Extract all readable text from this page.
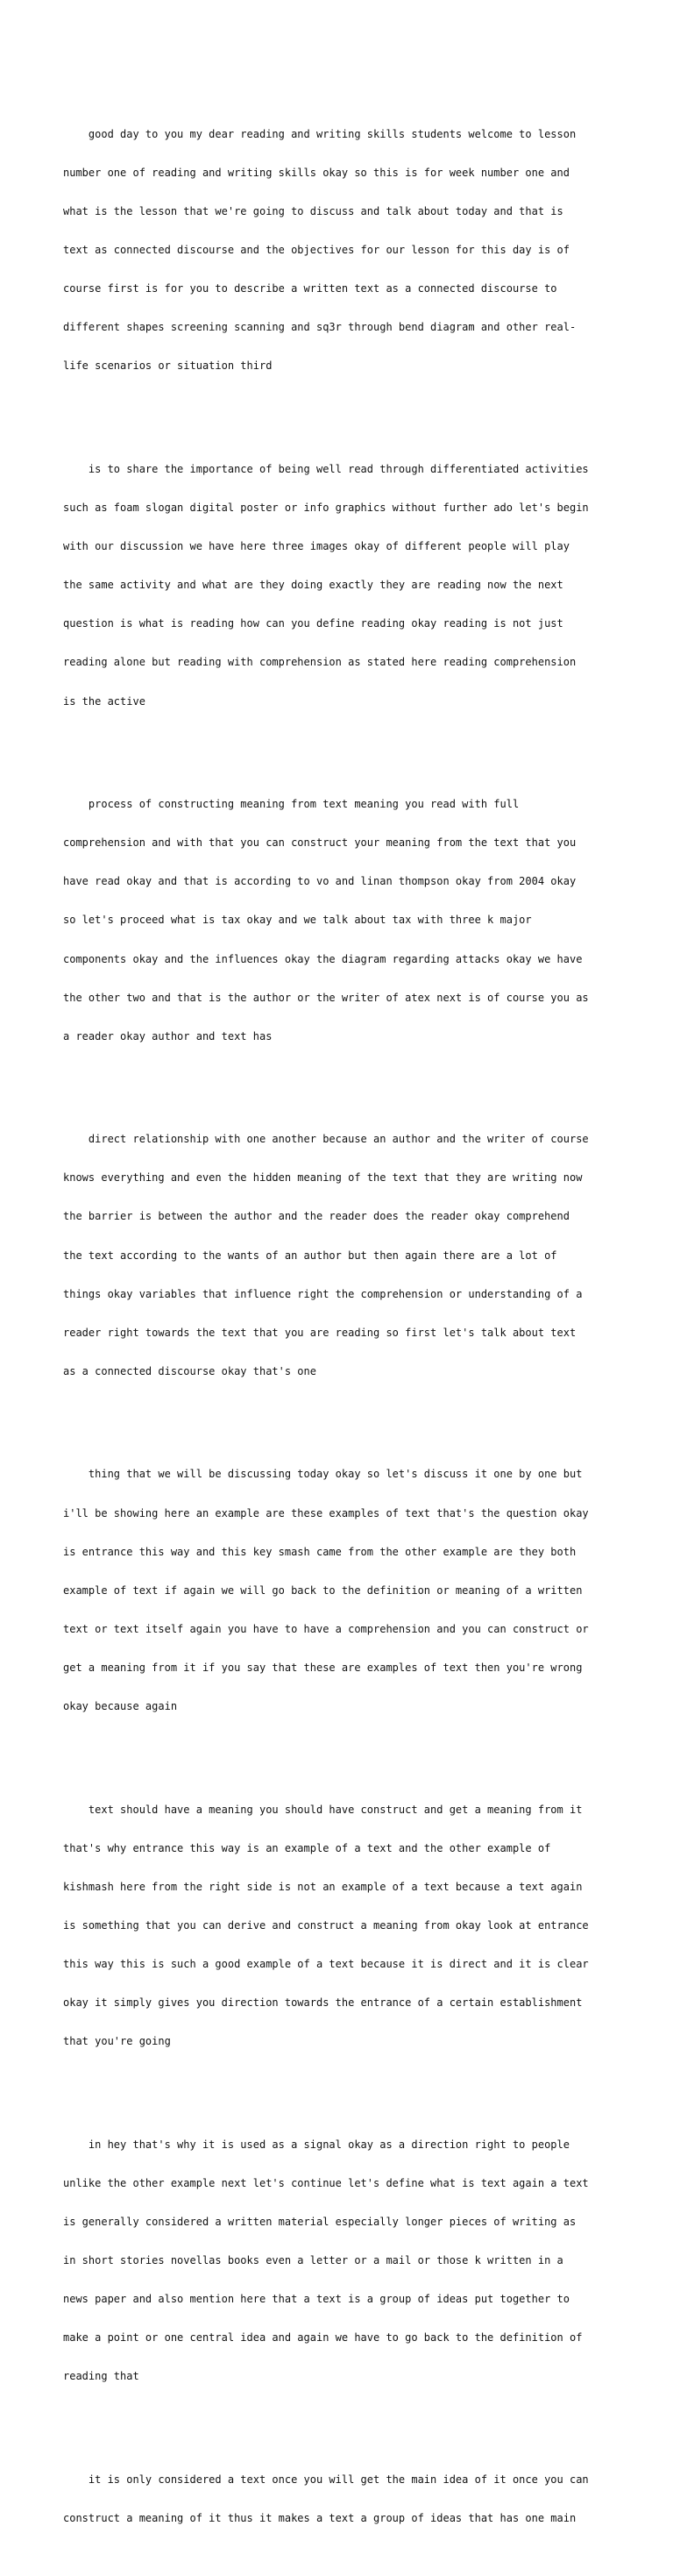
good day to you my dear reading and writing skills students welcome to lesson

number one of reading and writing skills okay so this is for week number one and

what is the lesson that we're going to discuss and talk about today and that is

text as connected discourse and the objectives for our lesson for this day is of

course first is for you to describe a written text as a connected discourse to

different shapes screening scanning and sq3r through bend diagram and other real-

life scenarios or situation third

is to share the importance of being well read through differentiated activities

such as foam slogan digital poster or info graphics without further ado let's begin

with our discussion we have here three images okay of different people will play

the same activity and what are they doing exactly they are reading now the next

question is what is reading how can you define reading okay reading is not just

reading alone but reading with comprehension as stated here reading comprehension

is the active

process of constructing meaning from text meaning you read with full

comprehension and with that you can construct your meaning from the text that you

have read okay and that is according to vo and linan thompson okay from 2004 okay

so let's proceed what is tax okay and we talk about tax with three k major

components okay and the influences okay the diagram regarding attacks okay we have

the other two and that is the author or the writer of atex next is of course you as

a reader okay author and text has

direct relationship with one another because an author and the writer of course

knows everything and even the hidden meaning of the text that they are writing now

the barrier is between the author and the reader does the reader okay comprehend

the text according to the wants of an author but then again there are a lot of

things okay variables that influence right the comprehension or understanding of a

reader right towards the text that you are reading so first let's talk about text

as a connected discourse okay that's one

thing that we will be discussing today okay so let's discuss it one by one but

i'll be showing here an example are these examples of text that's the question okay

is entrance this way and this key smash came from the other example are they both

example of text if again we will go back to the definition or meaning of a written

text or text itself again you have to have a comprehension and you can construct or

get a meaning from it if you say that these are examples of text then you're wrong

okay because again

text should have a meaning you should have construct and get a meaning from it

that's why entrance this way is an example of a text and the other example of

kishmash here from the right side is not an example of a text because a text again

is something that you can derive and construct a meaning from okay look at entrance

this way this is such a good example of a text because it is direct and it is clear

okay it simply gives you direction towards the entrance of a certain establishment

that you're going

in hey that's why it is used as a signal okay as a direction right to people

unlike the other example next let's continue let's define what is text again a text

is generally considered a written material especially longer pieces of writing as

in short stories novellas books even a letter or a mail or those k written in a

news paper and also mention here that a text is a group of ideas put together to

make a point or one central idea and again we have to go back to the definition of

reading that

it is only considered a text once you will get the main idea of it once you can

construct a meaning of it thus it makes a text a group of ideas that has one main
